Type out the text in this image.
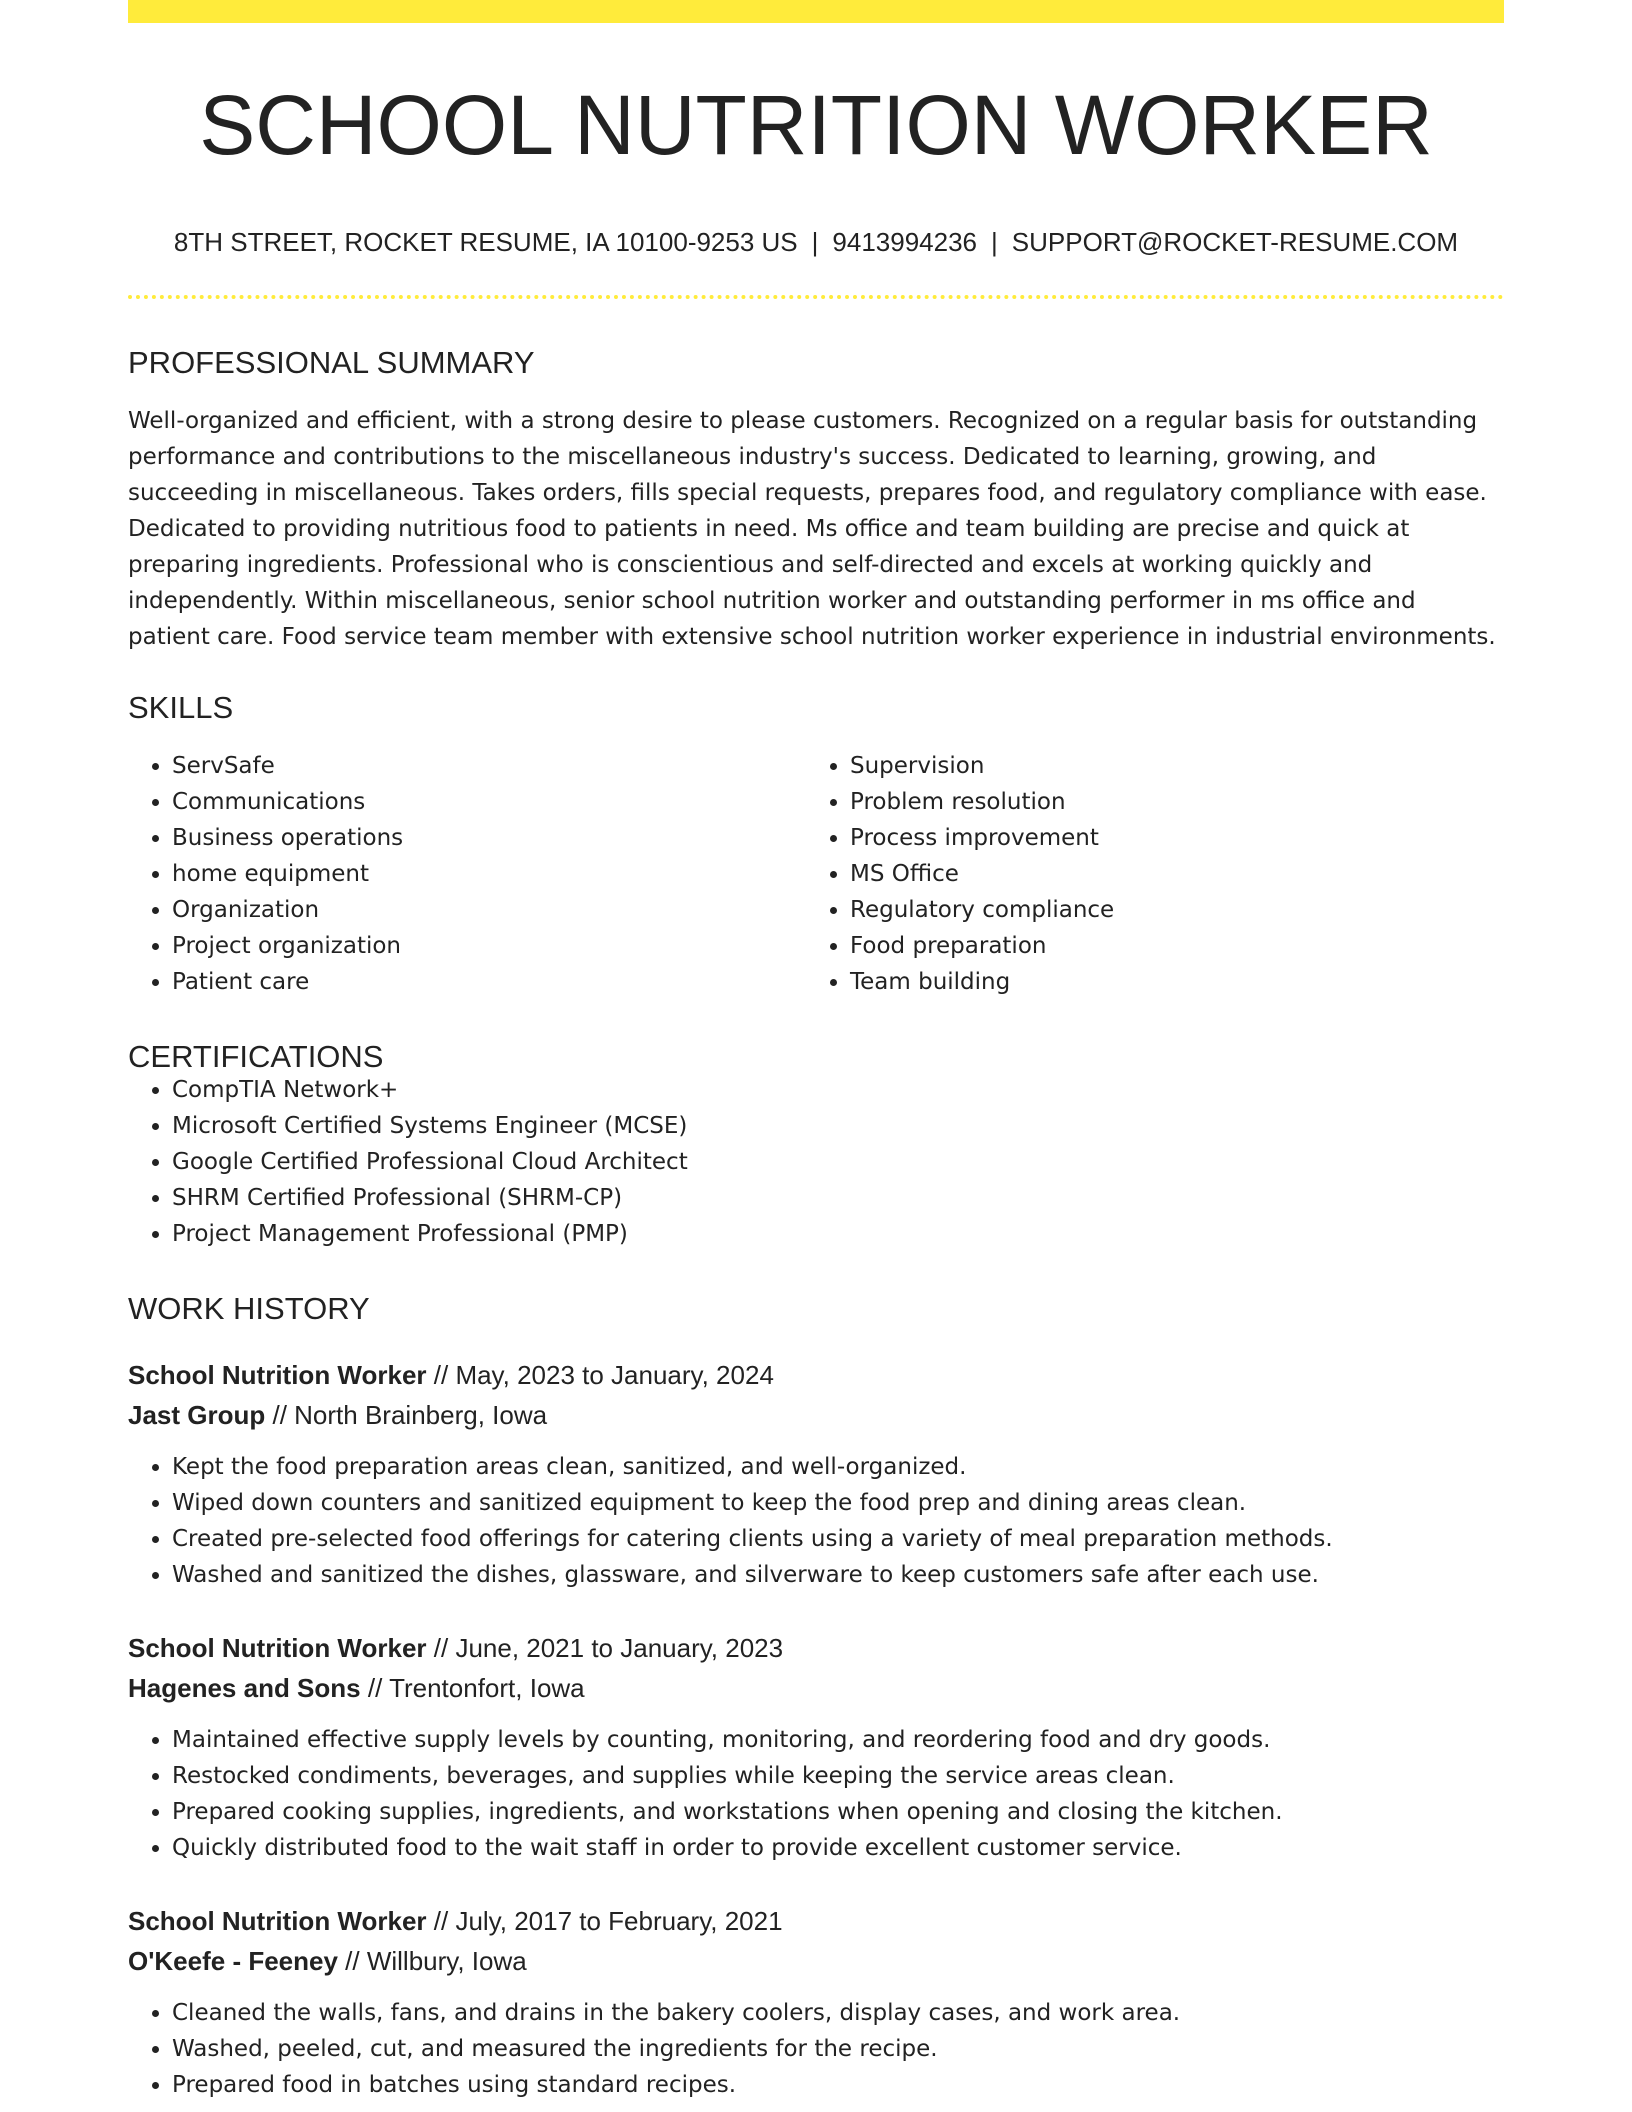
SCHOOL NUTRITION WORKER
8TH STREET, ROCKET RESUME, IA 10100-9253 US | 9413994236 | SUPPORT@ROCKET-RESUME.COM
PROFESSIONAL SUMMARY
Well-organized and efficient, with a strong desire to please customers. Recognized on a regular basis for outstanding performance and contributions to the miscellaneous industry's success. Dedicated to learning, growing, and succeeding in miscellaneous. Takes orders, fills special requests, prepares food, and regulatory compliance with ease. Dedicated to providing nutritious food to patients in need. Ms office and team building are precise and quick at preparing ingredients. Professional who is conscientious and self-directed and excels at working quickly and independently. Within miscellaneous, senior school nutrition worker and outstanding performer in ms office and patient care. Food service team member with extensive school nutrition worker experience in industrial environments.
SKILLS
• ServSafe
• Communications
• Business operations
• home equipment
• Organization
• Project organization
• Patient care
• Supervision
• Problem resolution
• Process improvement
• MS Office
• Regulatory compliance
• Food preparation
• Team building
CERTIFICATIONS
• CompTIA Network+
• Microsoft Certified Systems Engineer (MCSE)
• Google Certified Professional Cloud Architect
• SHRM Certified Professional (SHRM-CP)
• Project Management Professional (PMP)
WORK HISTORY
School Nutrition Worker // May, 2023 to January, 2024
Jast Group // North Brainberg, Iowa
• Kept the food preparation areas clean, sanitized, and well-organized.
• Wiped down counters and sanitized equipment to keep the food prep and dining areas clean.
• Created pre-selected food offerings for catering clients using a variety of meal preparation methods.
• Washed and sanitized the dishes, glassware, and silverware to keep customers safe after each use.
School Nutrition Worker // June, 2021 to January, 2023
Hagenes and Sons // Trentonfort, Iowa
• Maintained effective supply levels by counting, monitoring, and reordering food and dry goods.
• Restocked condiments, beverages, and supplies while keeping the service areas clean.
• Prepared cooking supplies, ingredients, and workstations when opening and closing the kitchen.
• Quickly distributed food to the wait staff in order to provide excellent customer service.
School Nutrition Worker // July, 2017 to February, 2021
O'Keefe - Feeney // Willbury, Iowa
• Cleaned the walls, fans, and drains in the bakery coolers, display cases, and work area.
• Washed, peeled, cut, and measured the ingredients for the recipe.
• Prepared food in batches using standard recipes.
